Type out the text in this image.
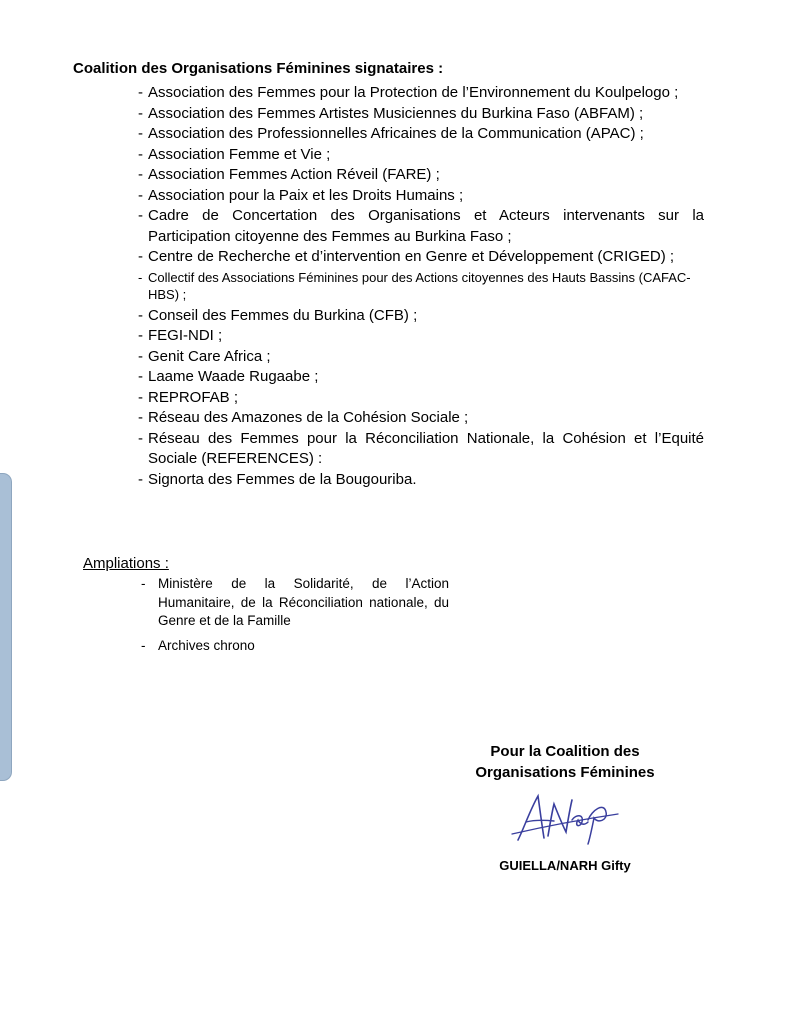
Coalition des Organisations Féminines signataires :
- Association des Femmes pour la Protection de l’Environnement du Koulpelogo ;
- Association des Femmes Artistes Musiciennes du Burkina Faso (ABFAM) ;
- Association des Professionnelles Africaines de la Communication (APAC) ;
- Association Femme et Vie ;
- Association Femmes Action Réveil (FARE) ;
- Association pour la Paix et les Droits Humains ;
- Cadre de Concertation des Organisations et Acteurs intervenants sur la Participation citoyenne des Femmes au Burkina Faso ;
- Centre de Recherche et d’intervention en Genre et Développement (CRIGED) ;
- Collectif des Associations Féminines pour des Actions citoyennes des Hauts Bassins (CAFAC-HBS) ;
- Conseil des Femmes du Burkina (CFB) ;
- FEGI-NDI ;
- Genit Care Africa ;
- Laame Waade Rugaabe ;
- REPROFAB ;
- Réseau des Amazones de la Cohésion Sociale ;
- Réseau des Femmes pour la Réconciliation Nationale, la Cohésion et l’Equité Sociale (REFERENCES) :
- Signorta des Femmes de la Bougouriba.
Ampliations :
- Ministère de la Solidarité, de l’Action Humanitaire, de la Réconciliation nationale, du Genre et de la Famille
- Archives chrono
Pour la Coalition des
Organisations Féminines
GUIELLA/NARH Gifty
